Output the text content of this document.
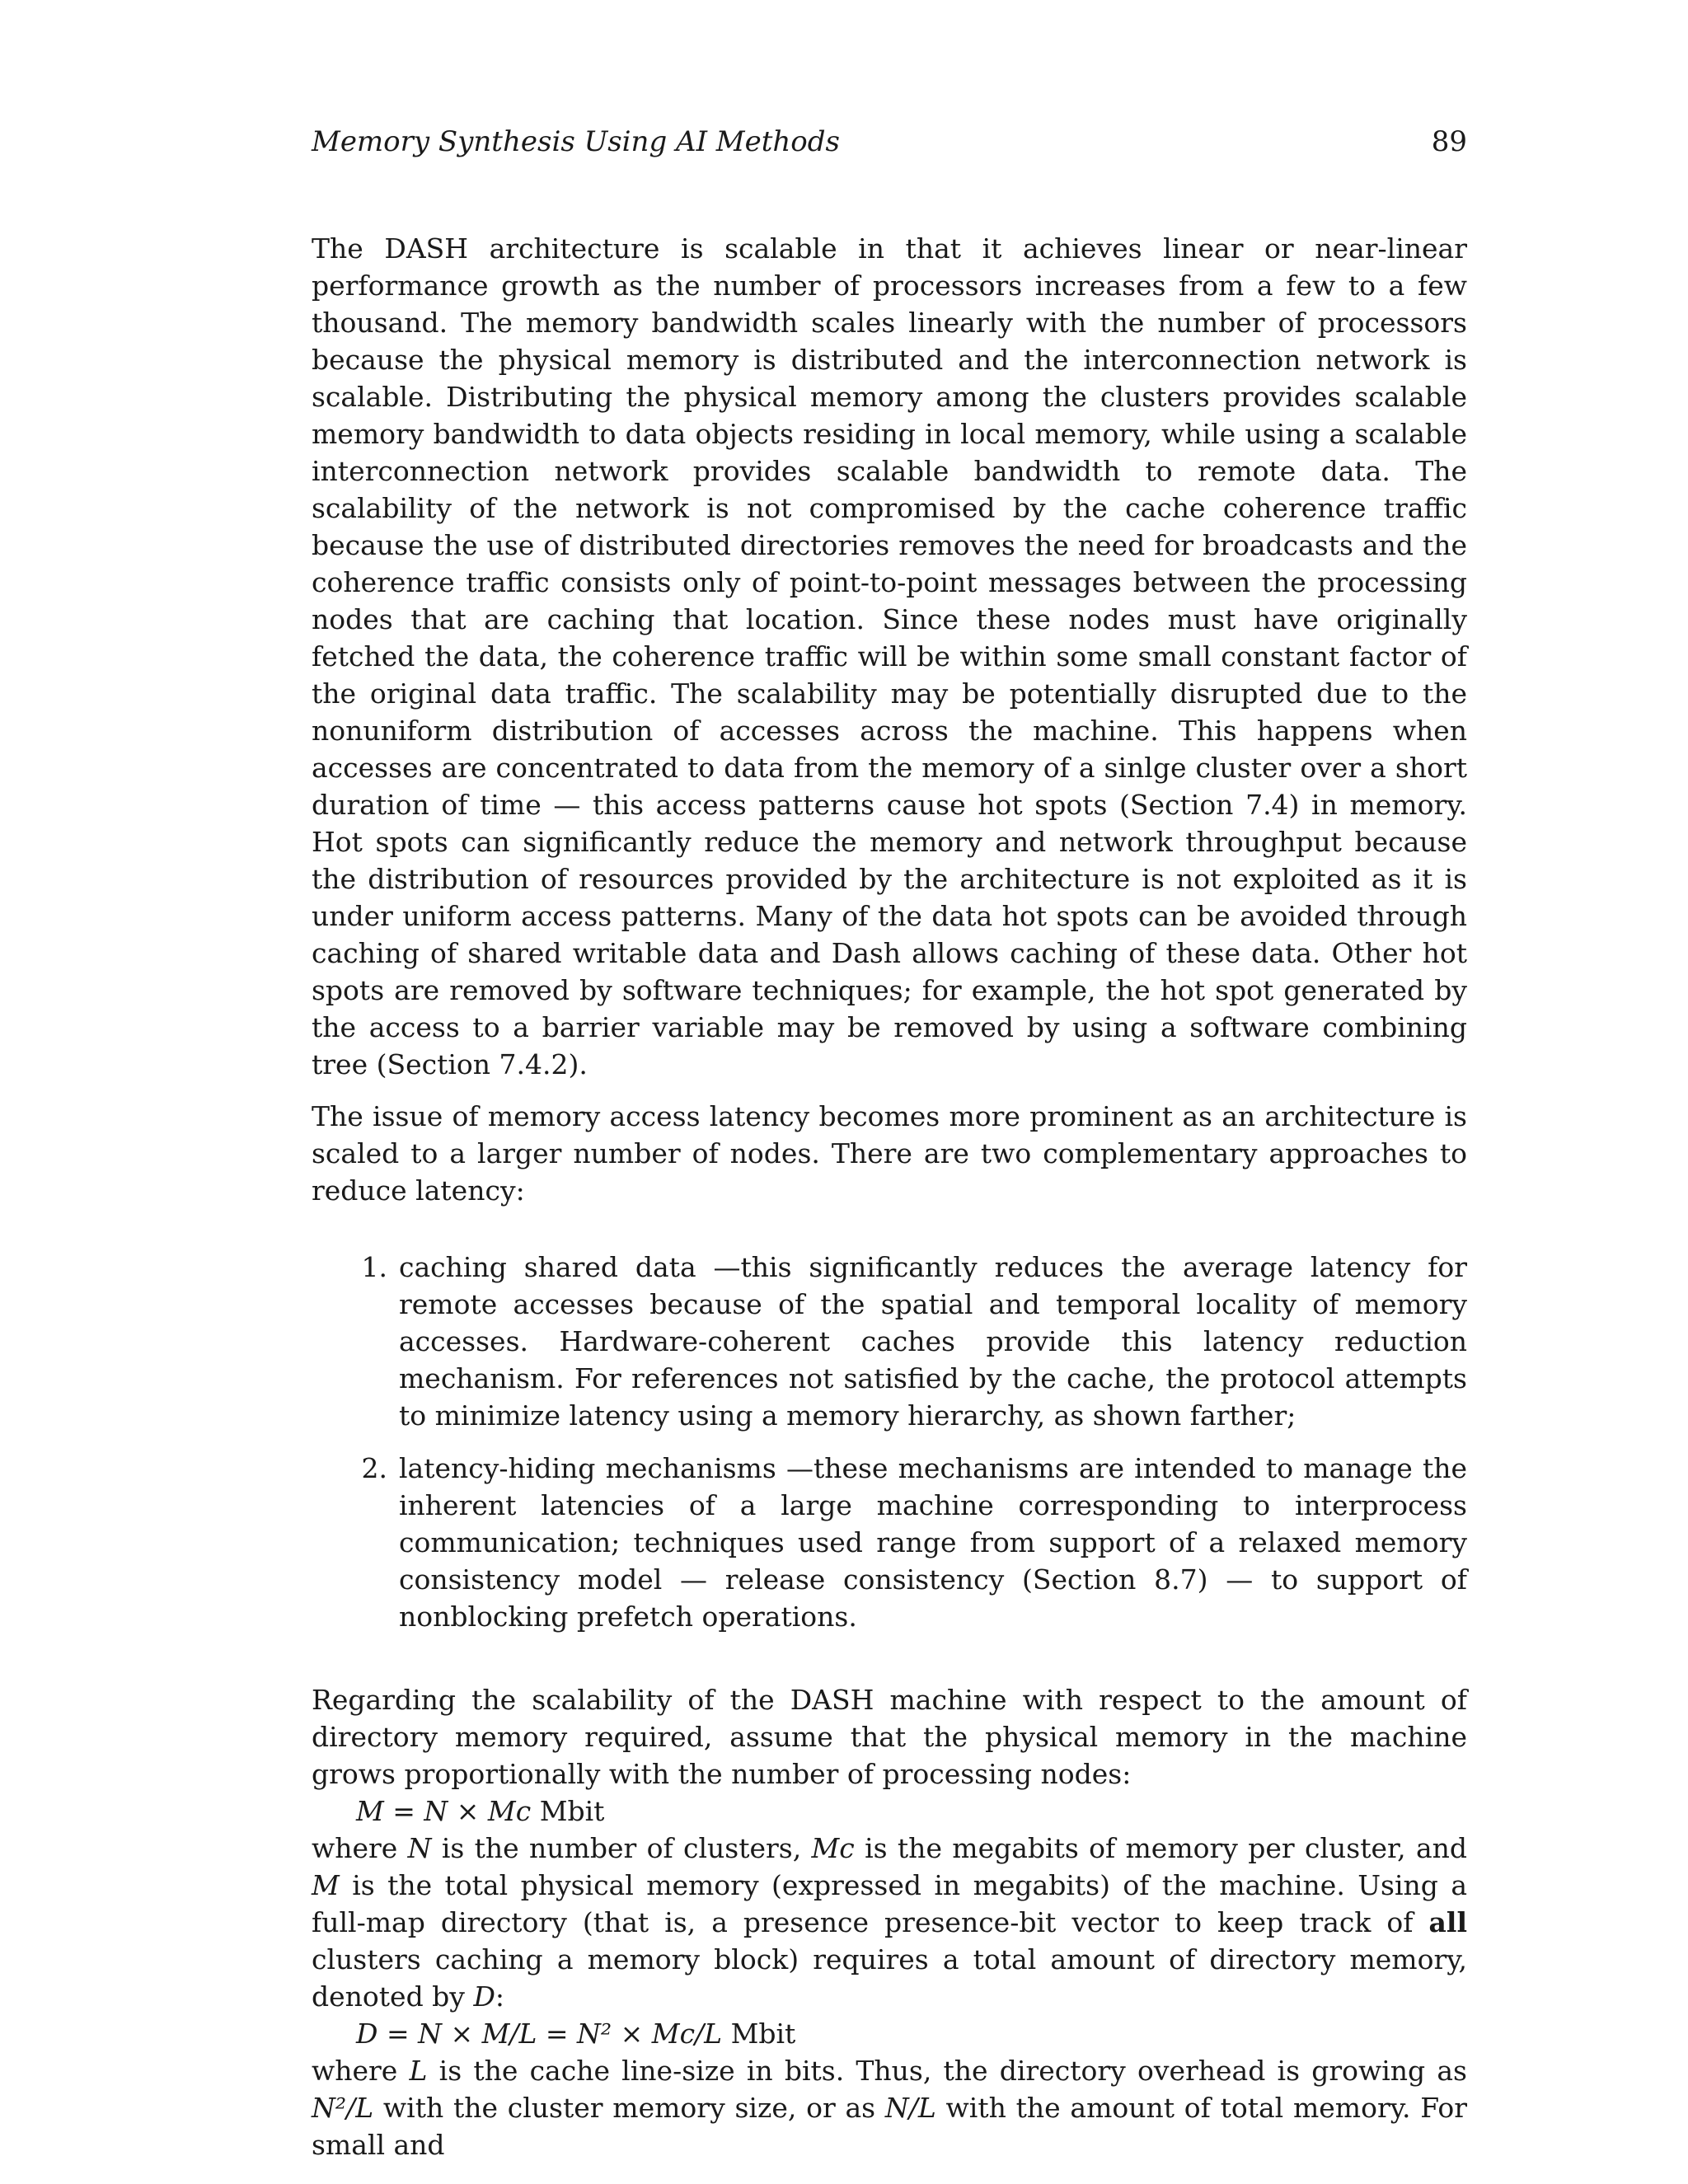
Memory Synthesis Using AI Methods	89

The DASH architecture is scalable in that it achieves linear or near-linear performance growth as the number of processors increases from a few to a few thousand. The memory bandwidth scales linearly with the number of processors because the physical memory is distributed and the interconnection network is scalable. Distributing the physical memory among the clusters provides scalable memory bandwidth to data objects residing in local memory, while using a scalable interconnection network provides scalable bandwidth to remote data. The scalability of the network is not compromised by the cache coherence traffic because the use of distributed directories removes the need for broadcasts and the coherence traffic consists only of point-to-point messages between the processing nodes that are caching that location. Since these nodes must have originally fetched the data, the coherence traffic will be within some small constant factor of the original data traffic. The scalability may be potentially disrupted due to the nonuniform distribution of accesses across the machine. This happens when accesses are concentrated to data from the memory of a sinlge cluster over a short duration of time — this access patterns cause hot spots (Section 7.4) in memory. Hot spots can significantly reduce the memory and network throughput because the distribution of resources provided by the architecture is not exploited as it is under uniform access patterns. Many of the data hot spots can be avoided through caching of shared writable data and Dash allows caching of these data. Other hot spots are removed by software techniques; for example, the hot spot generated by the access to a barrier variable may be removed by using a software combining tree (Section 7.4.2).

The issue of memory access latency becomes more prominent as an architecture is scaled to a larger number of nodes. There are two complementary approaches to reduce latency:

1. caching shared data —this significantly reduces the average latency for remote accesses because of the spatial and temporal locality of memory accesses. Hardware-coherent caches provide this latency reduction mechanism. For references not satisfied by the cache, the protocol attempts to minimize latency using a memory hierarchy, as shown farther;
2. latency-hiding mechanisms —these mechanisms are intended to manage the inherent latencies of a large machine corresponding to interprocess communication; techniques used range from support of a relaxed memory consistency model — release consistency (Section 8.7) — to support of nonblocking prefetch operations.

Regarding the scalability of the DASH machine with respect to the amount of directory memory required, assume that the physical memory in the machine grows proportionally with the number of processing nodes:

M = N × Mc Mbit

where N is the number of clusters, Mc is the megabits of memory per cluster, and M is the total physical memory (expressed in megabits) of the machine. Using a full-map directory (that is, a presence presence-bit vector to keep track of all clusters caching a memory block) requires a total amount of directory memory, denoted by D:

D = N × M/L = N² × Mc/L Mbit

where L is the cache line-size in bits. Thus, the directory overhead is growing as N²/L with the cluster memory size, or as N/L with the amount of total memory. For small and
